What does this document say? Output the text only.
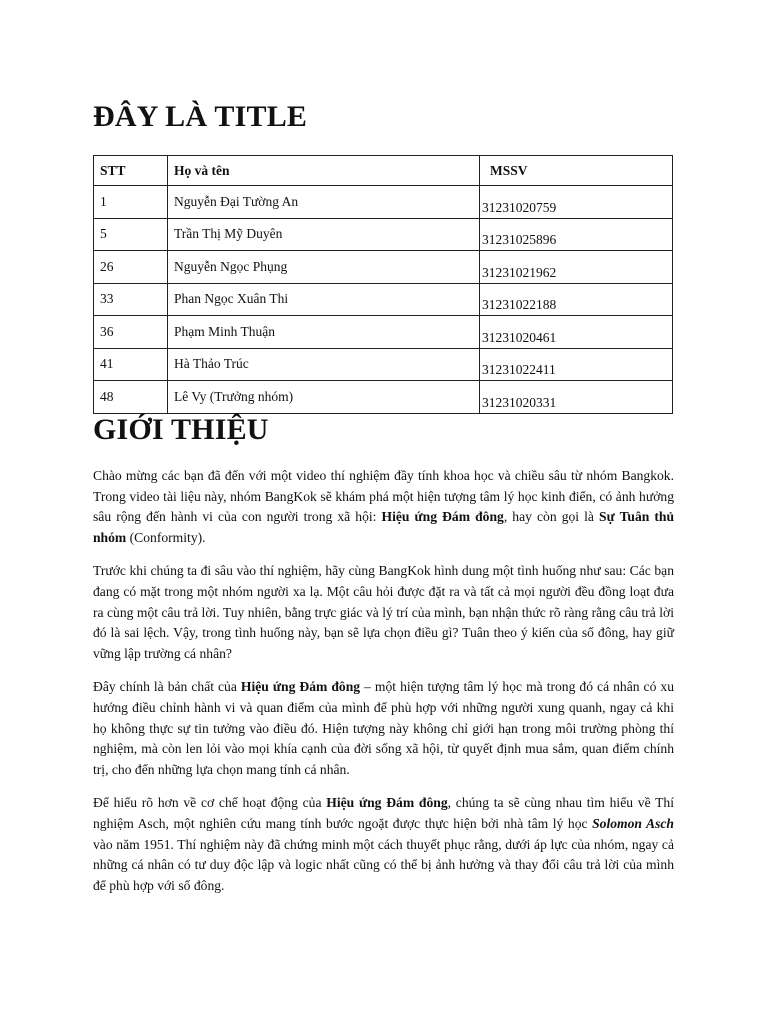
ĐÂY LÀ TITLE
STT	Họ và tên	MSSV
1	Nguyễn Đại Tường An	31231020759
5	Trần Thị Mỹ Duyên	31231025896
26	Nguyễn Ngọc Phụng	31231021962
33	Phan Ngọc Xuân Thi	31231022188
36	Phạm Minh Thuận	31231020461
41	Hà Thảo Trúc	31231022411
48	Lê Vy (Trưởng nhóm)	31231020331
GIỚI THIỆU

Chào mừng các bạn đã đến với một video thí nghiệm đầy tính khoa học và chiều sâu từ nhóm Bangkok. Trong video tài liệu này, nhóm BangKok sẽ khám phá một hiện tượng tâm lý học kinh điển, có ảnh hưởng sâu rộng đến hành vi của con người trong xã hội: Hiệu ứng Đám đông, hay còn gọi là Sự Tuân thủ nhóm (Conformity).

Trước khi chúng ta đi sâu vào thí nghiệm, hãy cùng BangKok hình dung một tình huống như sau: Các bạn đang có mặt trong một nhóm người xa lạ. Một câu hỏi được đặt ra và tất cả mọi người đều đồng loạt đưa ra cùng một câu trả lời. Tuy nhiên, bằng trực giác và lý trí của mình, bạn nhận thức rõ ràng rằng câu trả lời đó là sai lệch. Vậy, trong tình huống này, bạn sẽ lựa chọn điều gì? Tuân theo ý kiến của số đông, hay giữ vững lập trường cá nhân?

Đây chính là bản chất của Hiệu ứng Đám đông – một hiện tượng tâm lý học mà trong đó cá nhân có xu hướng điều chỉnh hành vi và quan điểm của mình để phù hợp với những người xung quanh, ngay cả khi họ không thực sự tin tưởng vào điều đó. Hiện tượng này không chỉ giới hạn trong môi trường phòng thí nghiệm, mà còn len lỏi vào mọi khía cạnh của đời sống xã hội, từ quyết định mua sắm, quan điểm chính trị, cho đến những lựa chọn mang tính cá nhân.

Để hiểu rõ hơn về cơ chế hoạt động của Hiệu ứng Đám đông, chúng ta sẽ cùng nhau tìm hiểu về Thí nghiệm Asch, một nghiên cứu mang tính bước ngoặt được thực hiện bởi nhà tâm lý học Solomon Asch vào năm 1951. Thí nghiệm này đã chứng minh một cách thuyết phục rằng, dưới áp lực của nhóm, ngay cả những cá nhân có tư duy độc lập và logic nhất cũng có thể bị ảnh hưởng và thay đổi câu trả lời của mình để phù hợp với số đông.
